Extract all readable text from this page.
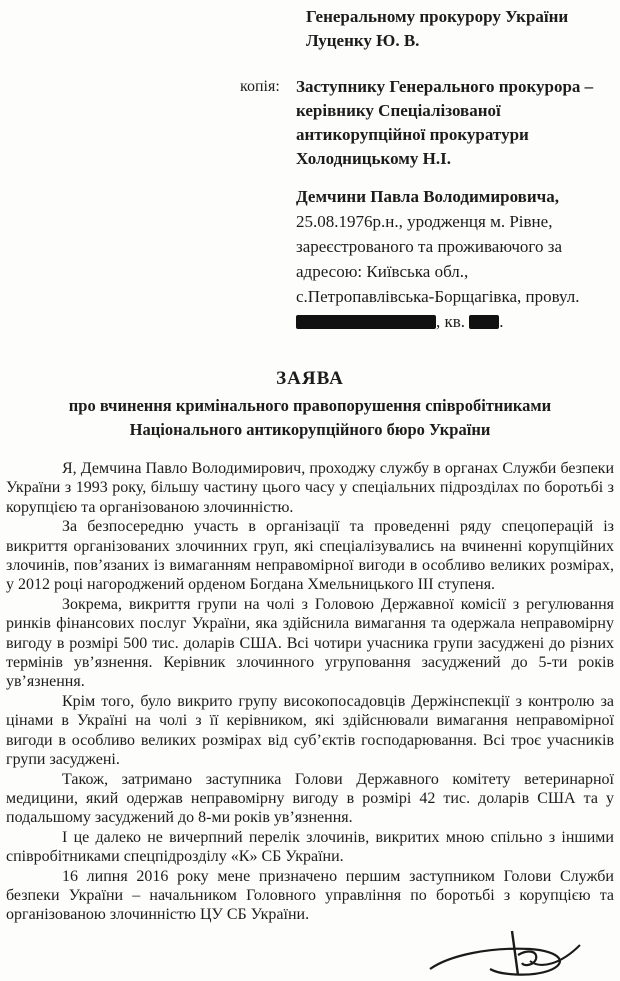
Генеральному прокурору України
Луценку Ю. В.
копія: Заступнику Генерального прокурора –
керівнику Спеціалізованої
антикорупційної прокуратури
Холодницькому Н.І.
Демчини Павла Володимировича,
25.08.1976р.н., уродженця м. Рівне,
зареєстрованого та проживаючого за
адресою: Київська обл.,
с.Петропавлівська-Борщагівка, провул.
, кв. .
ЗАЯВА
про вчинення кримінального правопорушення співробітниками
Національного антикорупційного бюро України

Я, Демчина Павло Володимирович, проходжу службу в органах Служби безпеки України з 1993 року, більшу частину цього часу у спеціальних підрозділах по боротьбі з корупцією та організованою злочинністю.

За безпосередню участь в організації та проведенні ряду спецоперацій із викриття організованих злочинних груп, які спеціалізувались на вчиненні корупційних злочинів, пов’язаних із вимаганням неправомірної вигоди в особливо великих розмірах, у 2012 році нагороджений орденом Богдана Хмельницького ІІІ ступеня.

Зокрема, викриття групи на чолі з Головою Державної комісії з регулювання ринків фінансових послуг України, яка здійснила вимагання та одержала неправомірну вигоду в розмірі 500 тис. доларів США. Всі чотири учасника групи засуджені до різних термінів ув’язнення. Керівник злочинного угруповання засуджений до 5-ти років ув’язнення.

Крім того, було викрито групу високопосадовців Держінспекції з контролю за цінами в Україні на чолі з її керівником, які здійснювали вимагання неправомірної вигоди в особливо великих розмірах від суб’єктів господарювання. Всі троє учасників групи засуджені.

Також, затримано заступника Голови Державного комітету ветеринарної медицини, який одержав неправомірну вигоду в розмірі 42 тис. доларів США та у подальшому засуджений до 8-ми років ув’язнення.

І це далеко не вичерпний перелік злочинів, викритих мною спільно з іншими співробітниками спецпідрозділу «К» СБ України.

16 липня 2016 року мене призначено першим заступником Голови Служби безпеки України – начальником Головного управління по боротьбі з корупцією та організованою злочинністю ЦУ СБ України.
